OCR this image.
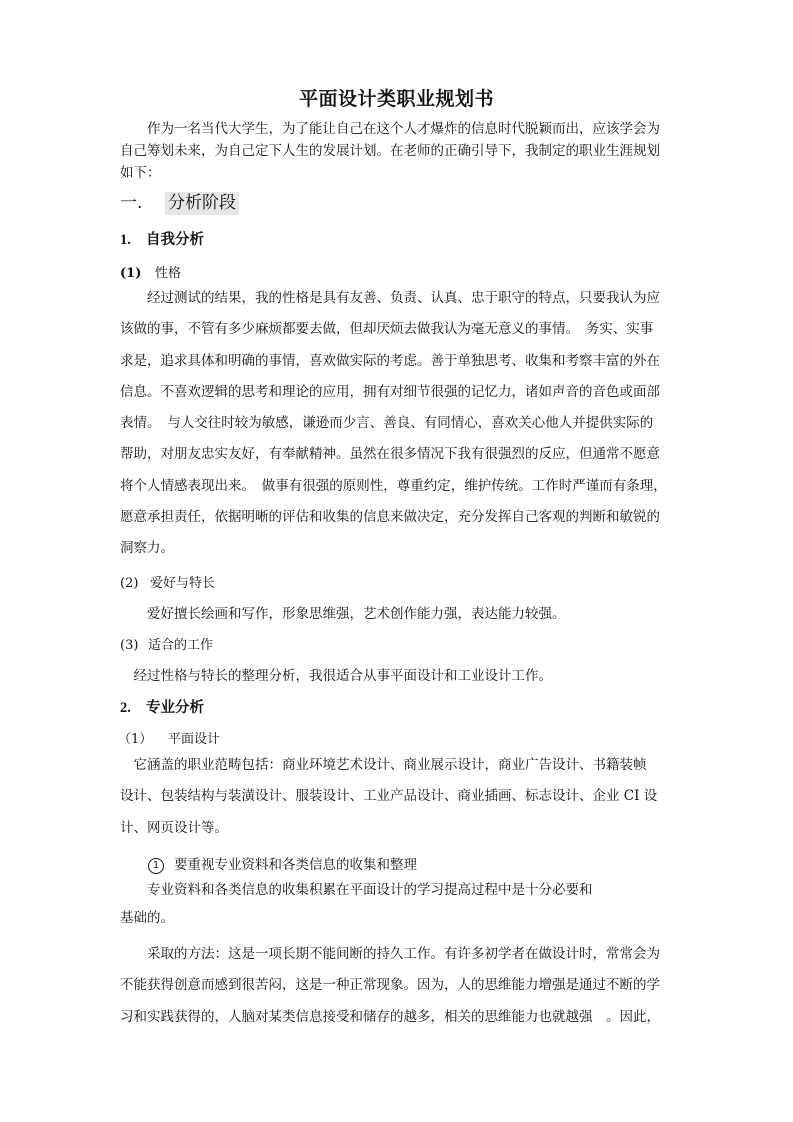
平面设计类职业规划书
　　作为一名当代大学生，为了能让自己在这个人才爆炸的信息时代脱颖而出，应该学会为
自己筹划未来，为自己定下人生的发展计划。在老师的正确引导下，我制定的职业生涯规划
如下：
一. 分析阶段
1. 自我分析
(1) 性格
　　经过测试的结果，我的性格是具有友善、负责、认真、忠于职守的特点，只要我认为应
该做的事，不管有多少麻烦都要去做，但却厌烦去做我认为毫无意义的事情。　务实、实事
求是，追求具体和明确的事情，喜欢做实际的考虑。善于单独思考、收集和考察丰富的外在
信息。不喜欢逻辑的思考和理论的应用，拥有对细节很强的记忆力，诸如声音的音色或面部
表情。　与人交往时较为敏感，谦逊而少言、善良、有同情心，喜欢关心他人并提供实际的
帮助，对朋友忠实友好，有奉献精神。虽然在很多情况下我有很强烈的反应，但通常不愿意
将个人情感表现出来。　做事有很强的原则性，尊重约定，维护传统。工作时严谨而有条理，
愿意承担责任，依据明晰的评估和收集的信息来做决定，充分发挥自己客观的判断和敏锐的
洞察力。
(2) 爱好与特长
　　爱好擅长绘画和写作，形象思维强，艺术创作能力强，表达能力较强。
(3) 适合的工作
　经过性格与特长的整理分析，我很适合从事平面设计和工业设计工作。
2. 专业分析
（1） 平面设计
　它涵盖的职业范畴包括：商业环境艺术设计、商业展示设计，商业广告设计、书籍装帧
设计、包装结构与装潢设计、服装设计、工业产品设计、商业插画、标志设计、企业 CI 设
计、网页设计等。
1 要重视专业资料和各类信息的收集和整理
　　专业资料和各类信息的收集积累在平面设计的学习提高过程中是十分必要和
基础的。
　　采取的方法：这是一项长期不能间断的持久工作。有许多初学者在做设计时，常常会为
不能获得创意而感到很苦闷，这是一种正常现象。因为，人的思维能力增强是通过不断的学
习和实践获得的，人脑对某类信息接受和储存的越多，相关的思维能力也就越强　。因此，
